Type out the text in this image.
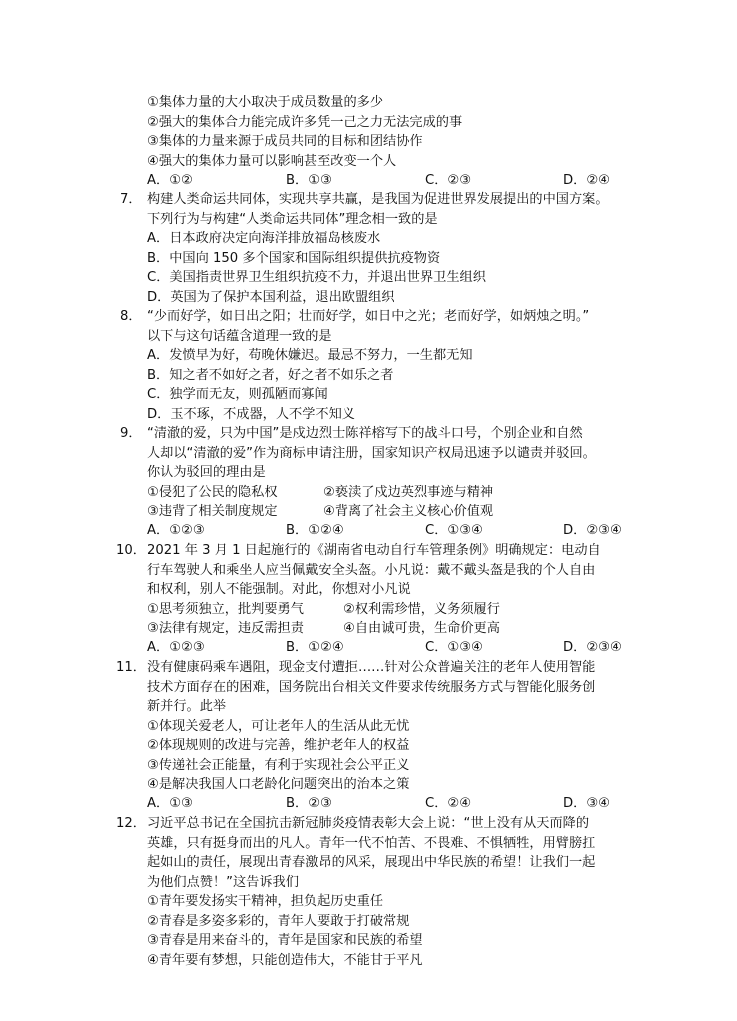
①集体力量的大小取决于成员数量的多少
②强大的集体合力能完成许多凭一己之力无法完成的事
③集体的力量来源于成员共同的目标和团结协作
④强大的集体力量可以影响甚至改变一个人
A．①②	B．①③	C．②③	D．②④
7． 构建人类命运共同体，实现共享共赢，是我国为促进世界发展提出的中国方案。
下列行为与构建“人类命运共同体”理念相一致的是
A．日本政府决定向海洋排放福岛核废水
B．中国向 150 多个国家和国际组织提供抗疫物资
C．美国指责世界卫生组织抗疫不力，并退出世界卫生组织
D．英国为了保护本国利益，退出欧盟组织
8． “少而好学，如日出之阳；壮而好学，如日中之光；老而好学，如炳烛之明。”
以下与这句话蕴含道理一致的是
A．发愤早为好，苟晚休嫌迟。最忌不努力，一生都无知
B．知之者不如好之者，好之者不如乐之者
C．独学而无友，则孤陋而寡闻
D．玉不琢，不成器，人不学不知义
9． “清澈的爱，只为中国”是戍边烈士陈祥榕写下的战斗口号，个别企业和自然
人却以“清澈的爱”作为商标申请注册，国家知识产权局迅速予以谴责并驳回。
你认为驳回的理由是
①侵犯了公民的隐私权	②亵渎了戍边英烈事迹与精神
③违背了相关制度规定	④背离了社会主义核心价值观
A．①②③	B．①②④	C．①③④	D．②③④
10． 2021 年 3 月 1 日起施行的《湖南省电动自行车管理条例》明确规定：电动自
行车驾驶人和乘坐人应当佩戴安全头盔。小凡说：戴不戴头盔是我的个人自由
和权利，别人不能强制。对此，你想对小凡说
①思考须独立，批判要勇气	②权利需珍惜，义务须履行
③法律有规定，违反需担责	④自由诚可贵，生命价更高
A．①②③	B．①②④	C．①③④	D．②③④
11． 没有健康码乘车遇阻，现金支付遭拒……针对公众普遍关注的老年人使用智能
技术方面存在的困难，国务院出台相关文件要求传统服务方式与智能化服务创
新并行。此举
①体现关爱老人，可让老年人的生活从此无忧
②体现规则的改进与完善，维护老年人的权益
③传递社会正能量，有利于实现社会公平正义
④是解决我国人口老龄化问题突出的治本之策
A．①③	B．②③	C．②④	D．③④
12． 习近平总书记在全国抗击新冠肺炎疫情表彰大会上说：“世上没有从天而降的
英雄，只有挺身而出的凡人。青年一代不怕苦、不畏难、不惧牺牲，用臂膀扛
起如山的责任，展现出青春激昂的风采，展现出中华民族的希望！让我们一起
为他们点赞！”这告诉我们
①青年要发扬实干精神，担负起历史重任
②青春是多姿多彩的，青年人要敢于打破常规
③青春是用来奋斗的，青年是国家和民族的希望
④青年要有梦想，只能创造伟大，不能甘于平凡
